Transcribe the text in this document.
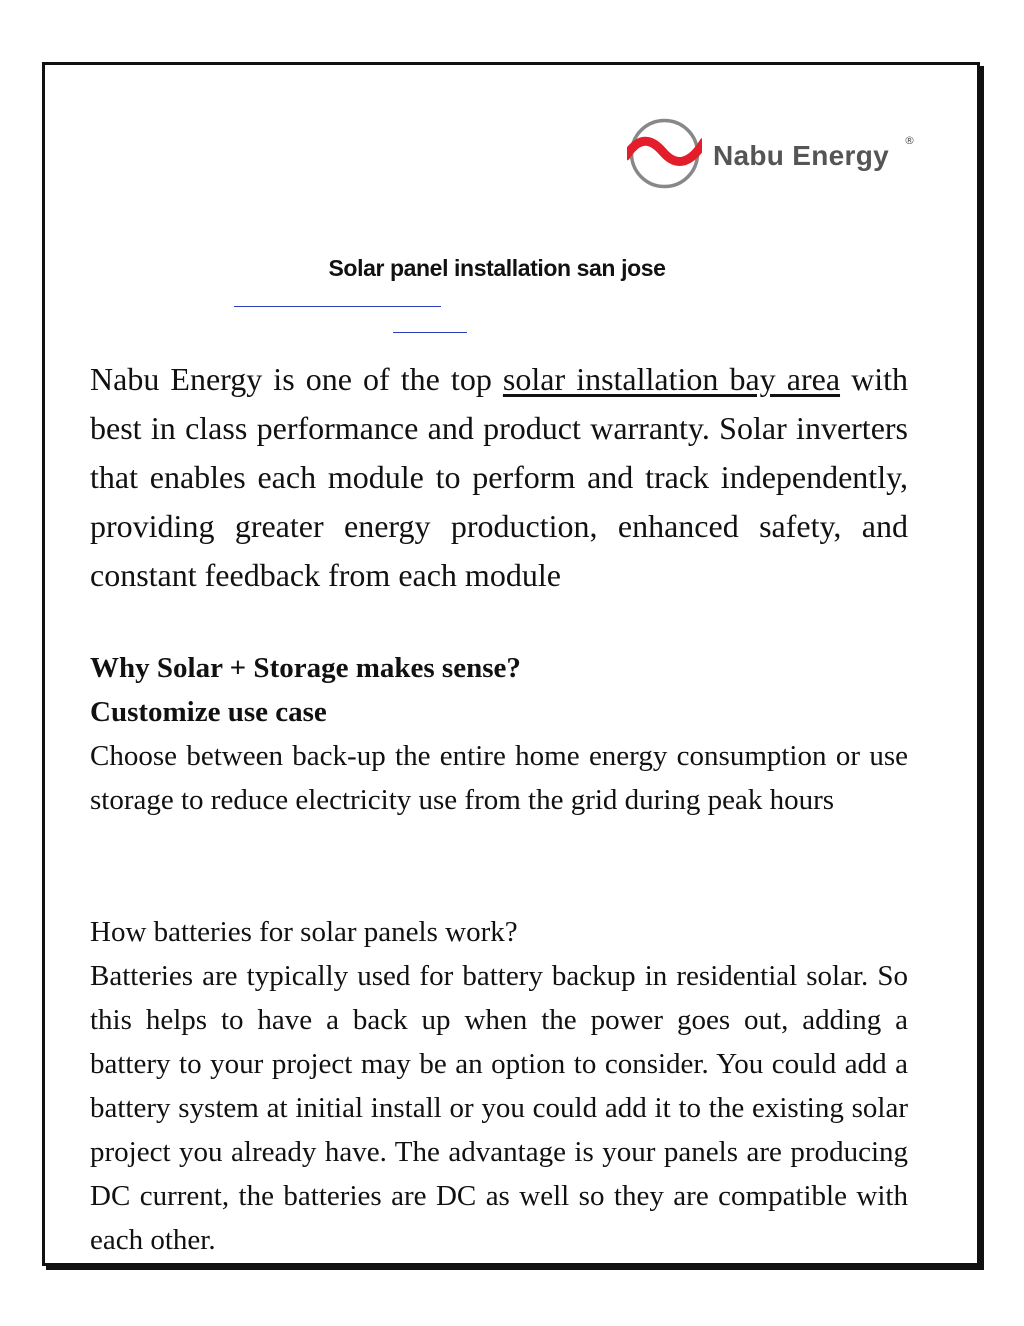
Nabu Energy ®
Solar panel installation san jose
Nabu Energy is one of the top solar installation bay area with best in class performance and product warranty. Solar inverters that enables each module to perform and track independently, providing greater energy production, enhanced safety, and constant feedback from each module
Why Solar + Storage makes sense?
Customize use case

Choose between back-up the entire home energy consumption or use storage to reduce electricity use from the grid during peak hours

How batteries for solar panels work?

Batteries are typically used for battery backup in residential solar. So this helps to have a back up when the power goes out, adding a battery to your project may be an option to consider. You could add a battery system at initial install or you could add it to the existing solar project you already have. The advantage is your panels are producing DC current, the batteries are DC as well so they are compatible with each other.
